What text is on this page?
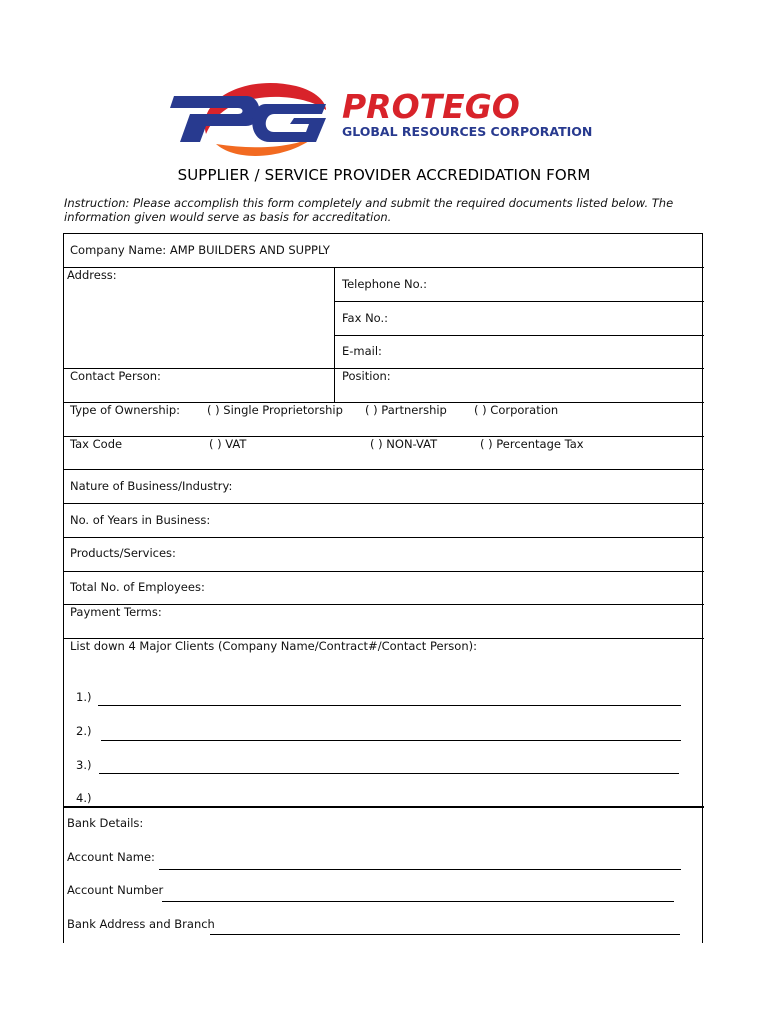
PROTEGO
GLOBAL RESOURCES CORPORATION
SUPPLIER / SERVICE PROVIDER ACCREDIDATION FORM
Instruction: Please accomplish this form completely and submit the required documents listed below. The information given would serve as basis for accreditation.
Company Name: AMP BUILDERS AND SUPPLY
Address:
Telephone No.:
Fax No.:
E-mail:
Contact Person:	Position:
Type of Ownership: ( ) Single Proprietorship ( ) Partnership ( ) Corporation
Tax Code	( ) VAT	( ) NON-VAT	( ) Percentage Tax
Nature of Business/Industry:
No. of Years in Business:
Products/Services:
Total No. of Employees:
Payment Terms:
List down 4 Major Clients (Company Name/Contract#/Contact Person):
1.)
2.)
3.)
4.)
Bank Details:
Account Name:
Account Number
Bank Address and Branch
